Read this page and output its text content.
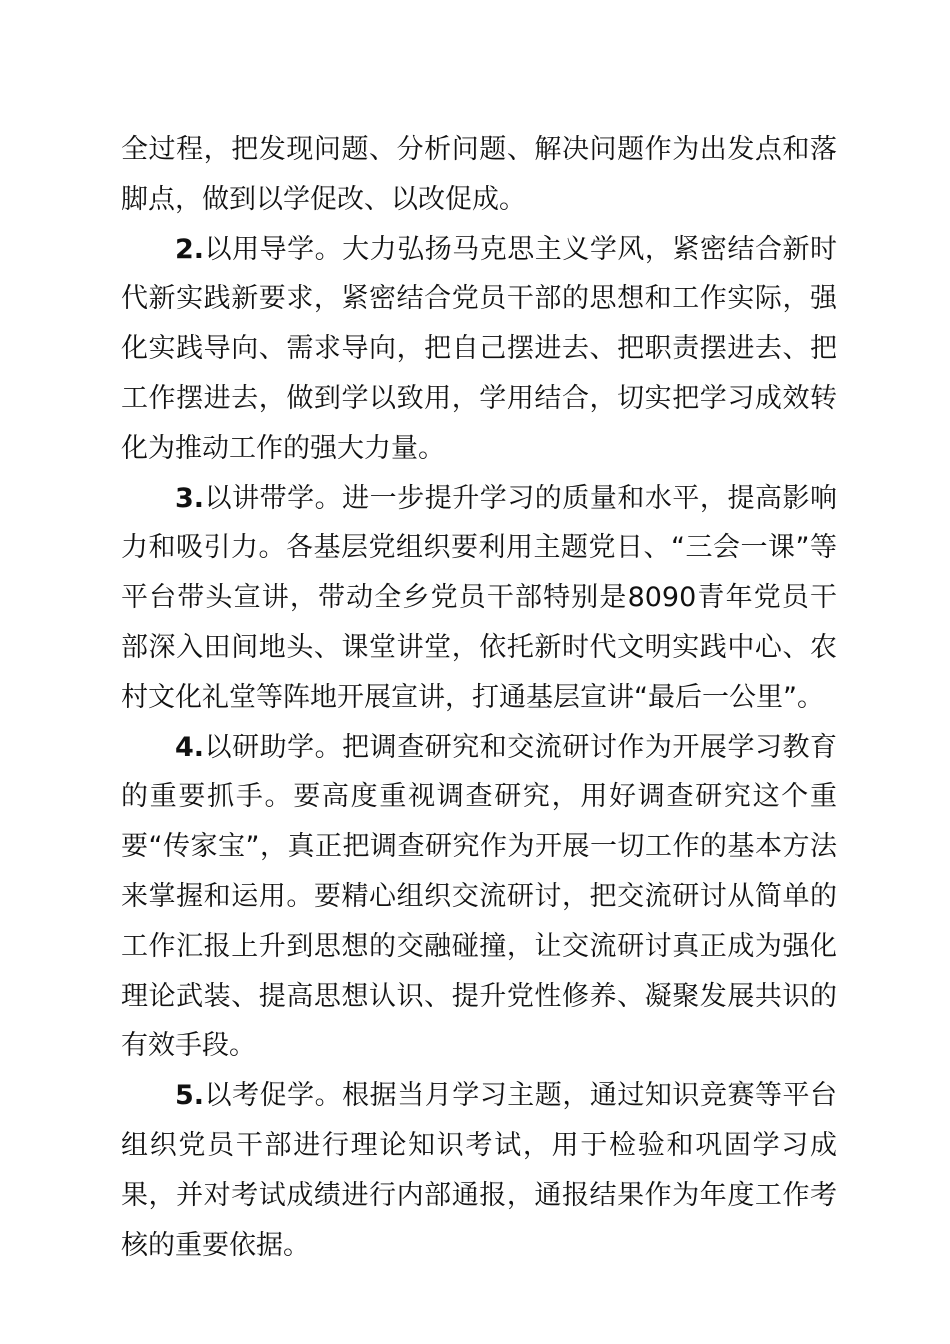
全过程，把发现问题、分析问题、解决问题作为出发点和落脚点，做到以学促改、以改促成。

2.以用导学。大力弘扬马克思主义学风，紧密结合新时代新实践新要求，紧密结合党员干部的思想和工作实际，强化实践导向、需求导向，把自己摆进去、把职责摆进去、把工作摆进去，做到学以致用，学用结合，切实把学习成效转化为推动工作的强大力量。

3.以讲带学。进一步提升学习的质量和水平，提高影响力和吸引力。各基层党组织要利用主题党日、“三会一课”等平台带头宣讲，带动全乡党员干部特别是8090青年党员干部深入田间地头、课堂讲堂，依托新时代文明实践中心、农村文化礼堂等阵地开展宣讲，打通基层宣讲“最后一公里”。

4.以研助学。把调查研究和交流研讨作为开展学习教育的重要抓手。要高度重视调查研究，用好调查研究这个重要“传家宝”，真正把调查研究作为开展一切工作的基本方法来掌握和运用。要精心组织交流研讨，把交流研讨从简单的工作汇报上升到思想的交融碰撞，让交流研讨真正成为强化理论武装、提高思想认识、提升党性修养、凝聚发展共识的有效手段。

5.以考促学。根据当月学习主题，通过知识竞赛等平台组织党员干部进行理论知识考试，用于检验和巩固学习成果，并对考试成绩进行内部通报，通报结果作为年度工作考核的重要依据。
